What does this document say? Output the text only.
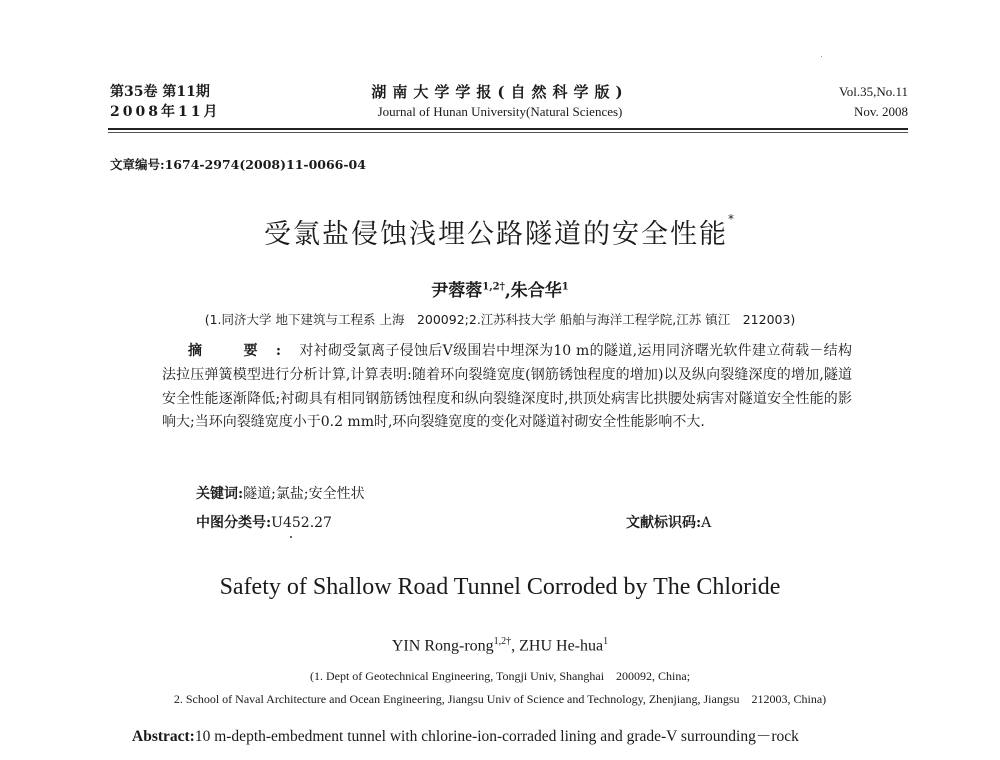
第35卷 第11期
2008年11月
湖南大学学报(自然科学版)
Journal of Hunan University(Natural Sciences)
Vol.35,No.11
Nov. 2008
文章编号:1674-2974(2008)11-0066-04
受氯盐侵蚀浅埋公路隧道的安全性能*
尹蓉蓉$^{1,2\dagger}$,朱合华$^1$
(1.同济大学 地下建筑与工程系 上海　200092;2.江苏科技大学 船舶与海洋工程学院,江苏 镇江　212003)
摘 要:对衬砌受氯离子侵蚀后V级围岩中埋深为10 m的隧道,运用同济曙光软件建立荷载－结构法拉压弹簧模型进行分析计算,计算表明:随着环向裂缝宽度(钢筋锈蚀程度的增加)以及纵向裂缝深度的增加,隧道安全性能逐渐降低;衬砌具有相同钢筋锈蚀程度和纵向裂缝深度时,拱顶处病害比拱腰处病害对隧道安全性能的影响大;当环向裂缝宽度小于0.2 mm时,环向裂缝宽度的变化对隧道衬砌安全性能影响不大.
关键词:隧道;氯盐;安全性状
中图分类号:U452.27	文献标识码:A
Safety of Shallow Road Tunnel Corroded by The Chloride
YIN Rong-rong$^{1,2\dagger}$, ZHU He-hua$^1$
(1. Dept of Geotechnical Engineering, Tongji Univ, Shanghai　200092, China;
2. School of Naval Architecture and Ocean Engineering, Jiangsu Univ of Science and Technology, Zhenjiang, Jiangsu　212003, China)
Abstract:10 m-depth-embedment tunnel with chlorine-ion-corraded lining and grade-V surrounding－rock
